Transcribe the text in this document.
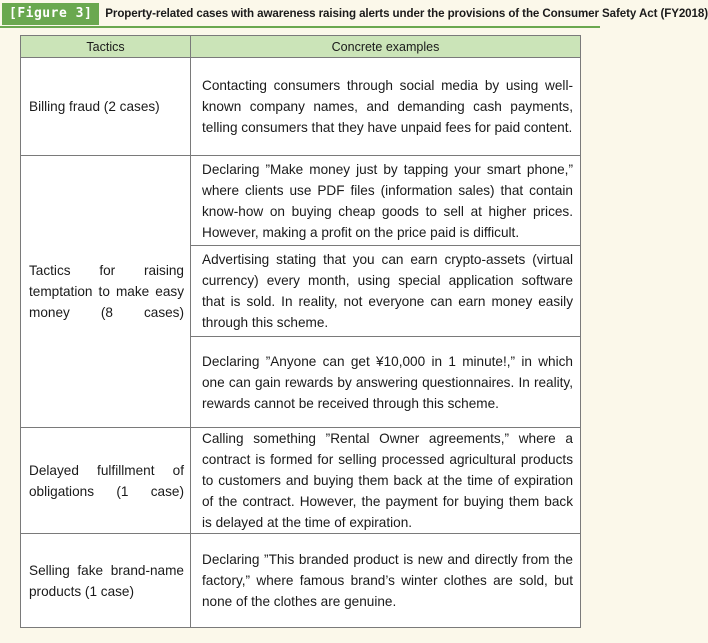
[Figure 3]	Property-related cases with awareness raising alerts under the provisions of the Consumer Safety Act (FY2018)
Tactics	Concrete examples

Billing fraud (2 cases)	Contacting consumers through social media by using well-known company names, and demanding cash payments, telling consumers that they have unpaid fees for paid content.

Tactics for raising temptation to make easy money (8 cases)	Declaring ”Make money just by tapping your smart phone,” where clients use PDF files (information sales) that contain know-how on buying cheap goods to sell at higher prices. However, making a profit on the price paid is difficult.
	Advertising stating that you can earn crypto-assets (virtual currency) every month, using special application software that is sold. In reality, not everyone can earn money easily through this scheme.
	Declaring ”Anyone can get ¥10,000 in 1 minute!,” in which one can gain rewards by answering questionnaires. In reality, rewards cannot be received through this scheme.

Delayed fulfillment of obligations (1 case)	Calling something ”Rental Owner agreements,” where a contract is formed for selling processed agricultural products to customers and buying them back at the time of expiration of the contract. However, the payment for buying them back is delayed at the time of expiration.

Selling fake brand-name products (1 case)	Declaring ”This branded product is new and directly from the factory,” where famous brand’s winter clothes are sold, but none of the clothes are genuine.
